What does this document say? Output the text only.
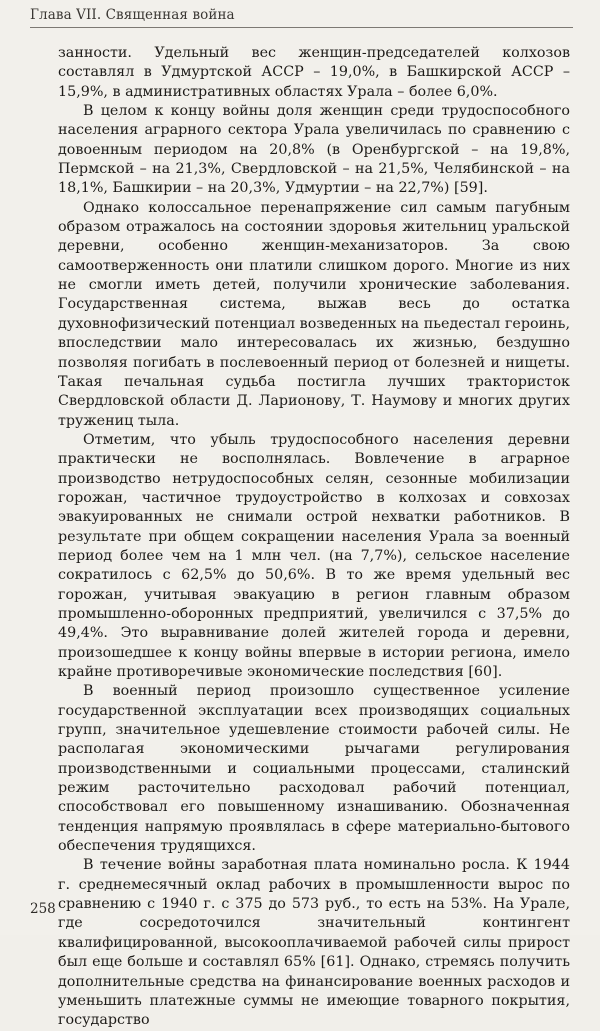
Глава VII. Священная война

занности. Удельный вес женщин-председателей колхозов составлял в Удмуртской АССР – 19,0%, в Башкирской АССР – 15,9%, в административных областях Урала – более 6,0%.

В целом к концу войны доля женщин среди трудоспособного населения аграрного сектора Урала увеличилась по сравнению с довоенным периодом на 20,8% (в Оренбургской – на 19,8%, Пермской – на 21,3%, Свердловской – на 21,5%, Челябинской – на 18,1%, Башкирии – на 20,3%, Удмуртии – на 22,7%) [59].

Однако колоссальное перенапряжение сил самым пагубным образом отражалось на состоянии здоровья жительниц уральской деревни, особенно женщин-механизаторов. За свою самоотверженность они платили слишком дорого. Многие из них не смогли иметь детей, получили хронические заболевания. Государственная система, выжав весь до остатка духовнофизический потенциал возведенных на пьедестал героинь, впоследствии мало интересовалась их жизнью, бездушно позволяя погибать в послевоенный период от болезней и нищеты. Такая печальная судьба постигла лучших трактористок Свердловской области Д. Ларионову, Т. Наумову и многих других тружениц тыла.

Отметим, что убыль трудоспособного населения деревни практически не восполнялась. Вовлечение в аграрное производство нетрудоспособных селян, сезонные мобилизации горожан, частичное трудоустройство в колхозах и совхозах эвакуированных не снимали острой нехватки работников. В результате при общем сокращении населения Урала за военный период более чем на 1 млн чел. (на 7,7%), сельское население сократилось с 62,5% до 50,6%. В то же время удельный вес горожан, учитывая эвакуацию в регион главным образом промышленно-оборонных предприятий, увеличился с 37,5% до 49,4%. Это выравнивание долей жителей города и деревни, произошедшее к концу войны впервые в истории региона, имело крайне противоречивые экономические последствия [60].

В военный период произошло существенное усиление государственной эксплуатации всех производящих социальных групп, значительное удешевление стоимости рабочей силы. Не располагая экономическими рычагами регулирования производственными и социальными процессами, сталинский режим расточительно расходовал рабочий потенциал, способствовал его повышенному изнашиванию. Обозначенная тенденция напрямую проявлялась в сфере материально-бытового обеспечения трудящихся.

В течение войны заработная плата номинально росла. К 1944 г. среднемесячный оклад рабочих в промышленности вырос по сравнению с 1940 г. с 375 до 573 руб., то есть на 53%. На Урале, где сосредоточился значительный контингент квалифицированной, высокооплачиваемой рабочей силы прирост был еще больше и составлял 65% [61]. Однако, стремясь получить дополнительные средства на финансирование военных расходов и уменьшить платежные суммы не имеющие товарного покрытия, государство

258
